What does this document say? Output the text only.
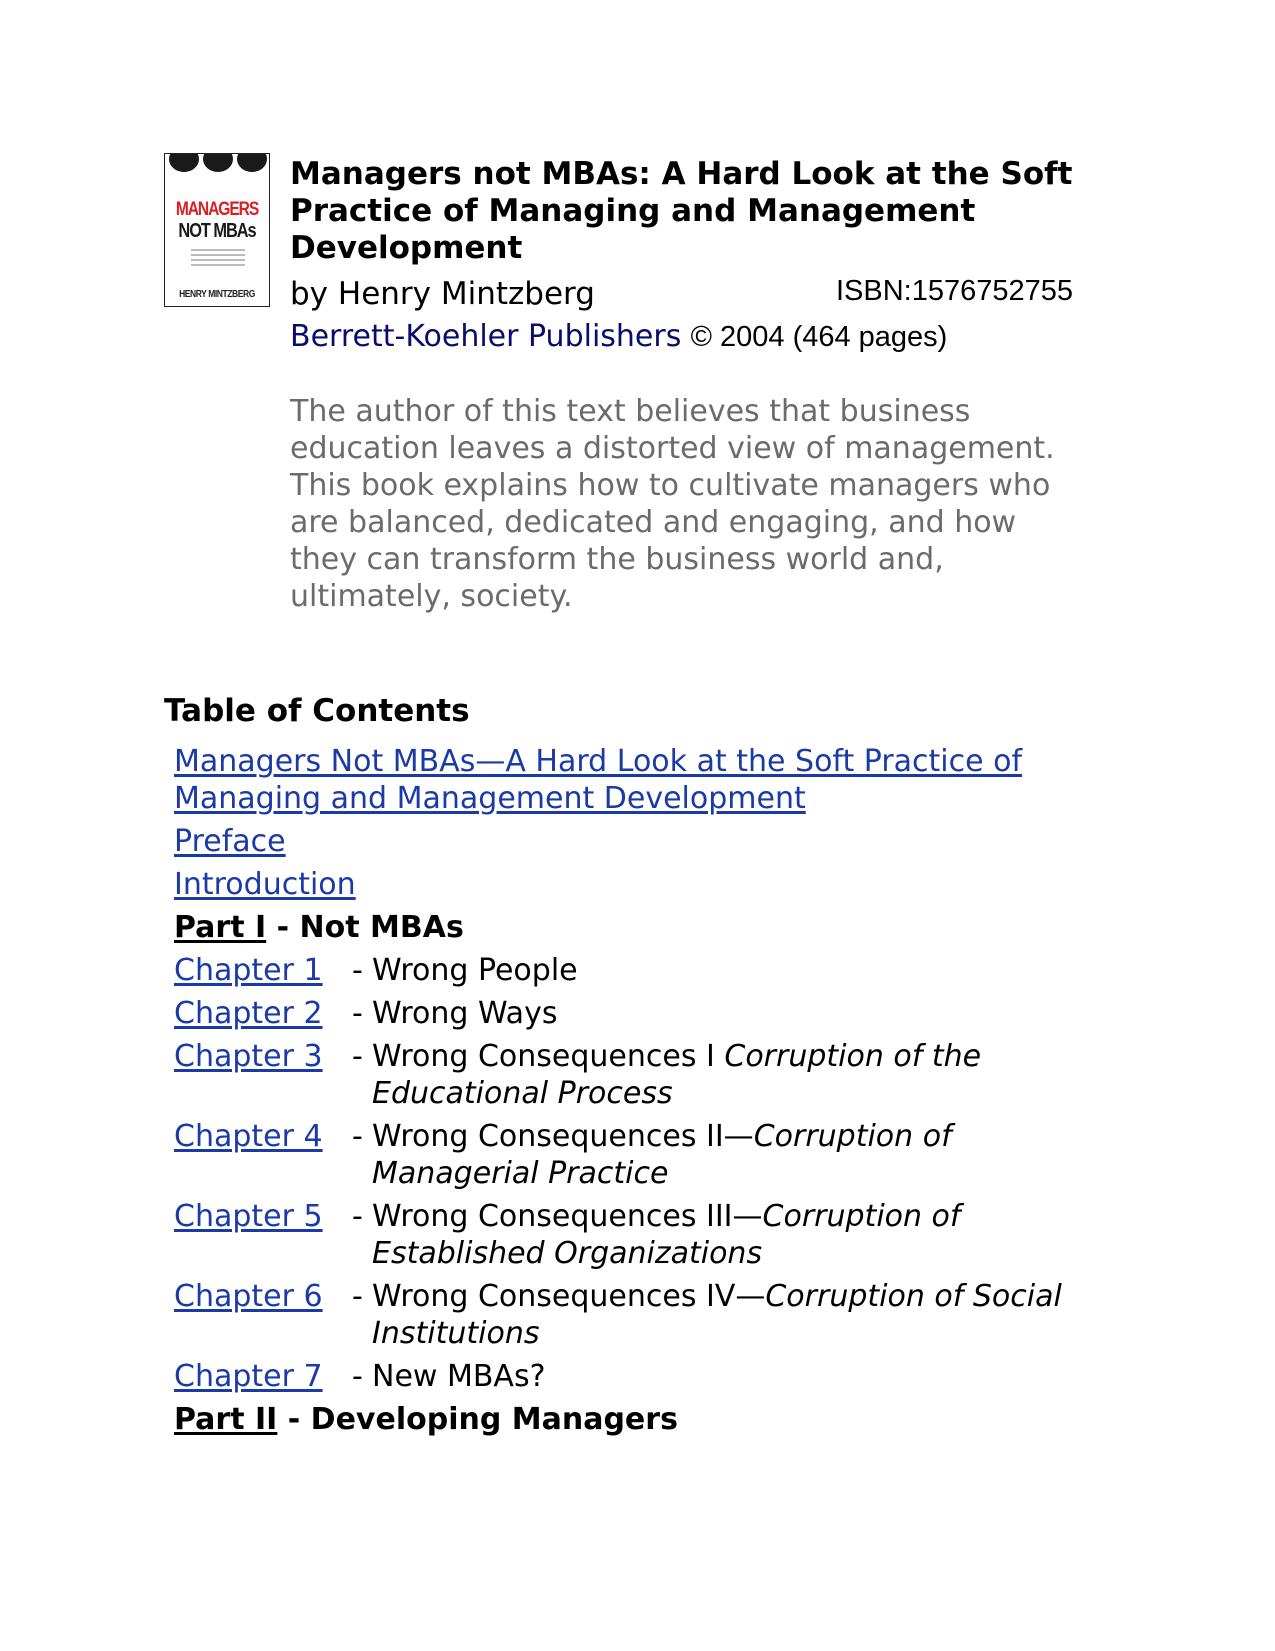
MANAGERS
NOT MBAs
HENRY MINTZBERG
Managers not MBAs: A Hard Look at the Soft Practice of Managing and Management Development
by Henry Mintzberg	ISBN:1576752755
Berrett-Koehler Publishers © 2004 (464 pages)

The author of this text believes that business education leaves a distorted view of management. This book explains how to cultivate managers who are balanced, dedicated and engaging, and how they can transform the business world and, ultimately, society.

Table of Contents
Managers Not MBAs—A Hard Look at the Soft Practice of Managing and Management Development
Preface
Introduction
Part I - Not MBAs
Chapter 1 - Wrong People
Chapter 2 - Wrong Ways
Chapter 3 - Wrong Consequences I Corruption of the Educational Process
Chapter 4 - Wrong Consequences II—Corruption of Managerial Practice
Chapter 5 - Wrong Consequences III—Corruption of Established Organizations
Chapter 6 - Wrong Consequences IV—Corruption of Social Institutions
Chapter 7 - New MBAs?
Part II - Developing Managers
